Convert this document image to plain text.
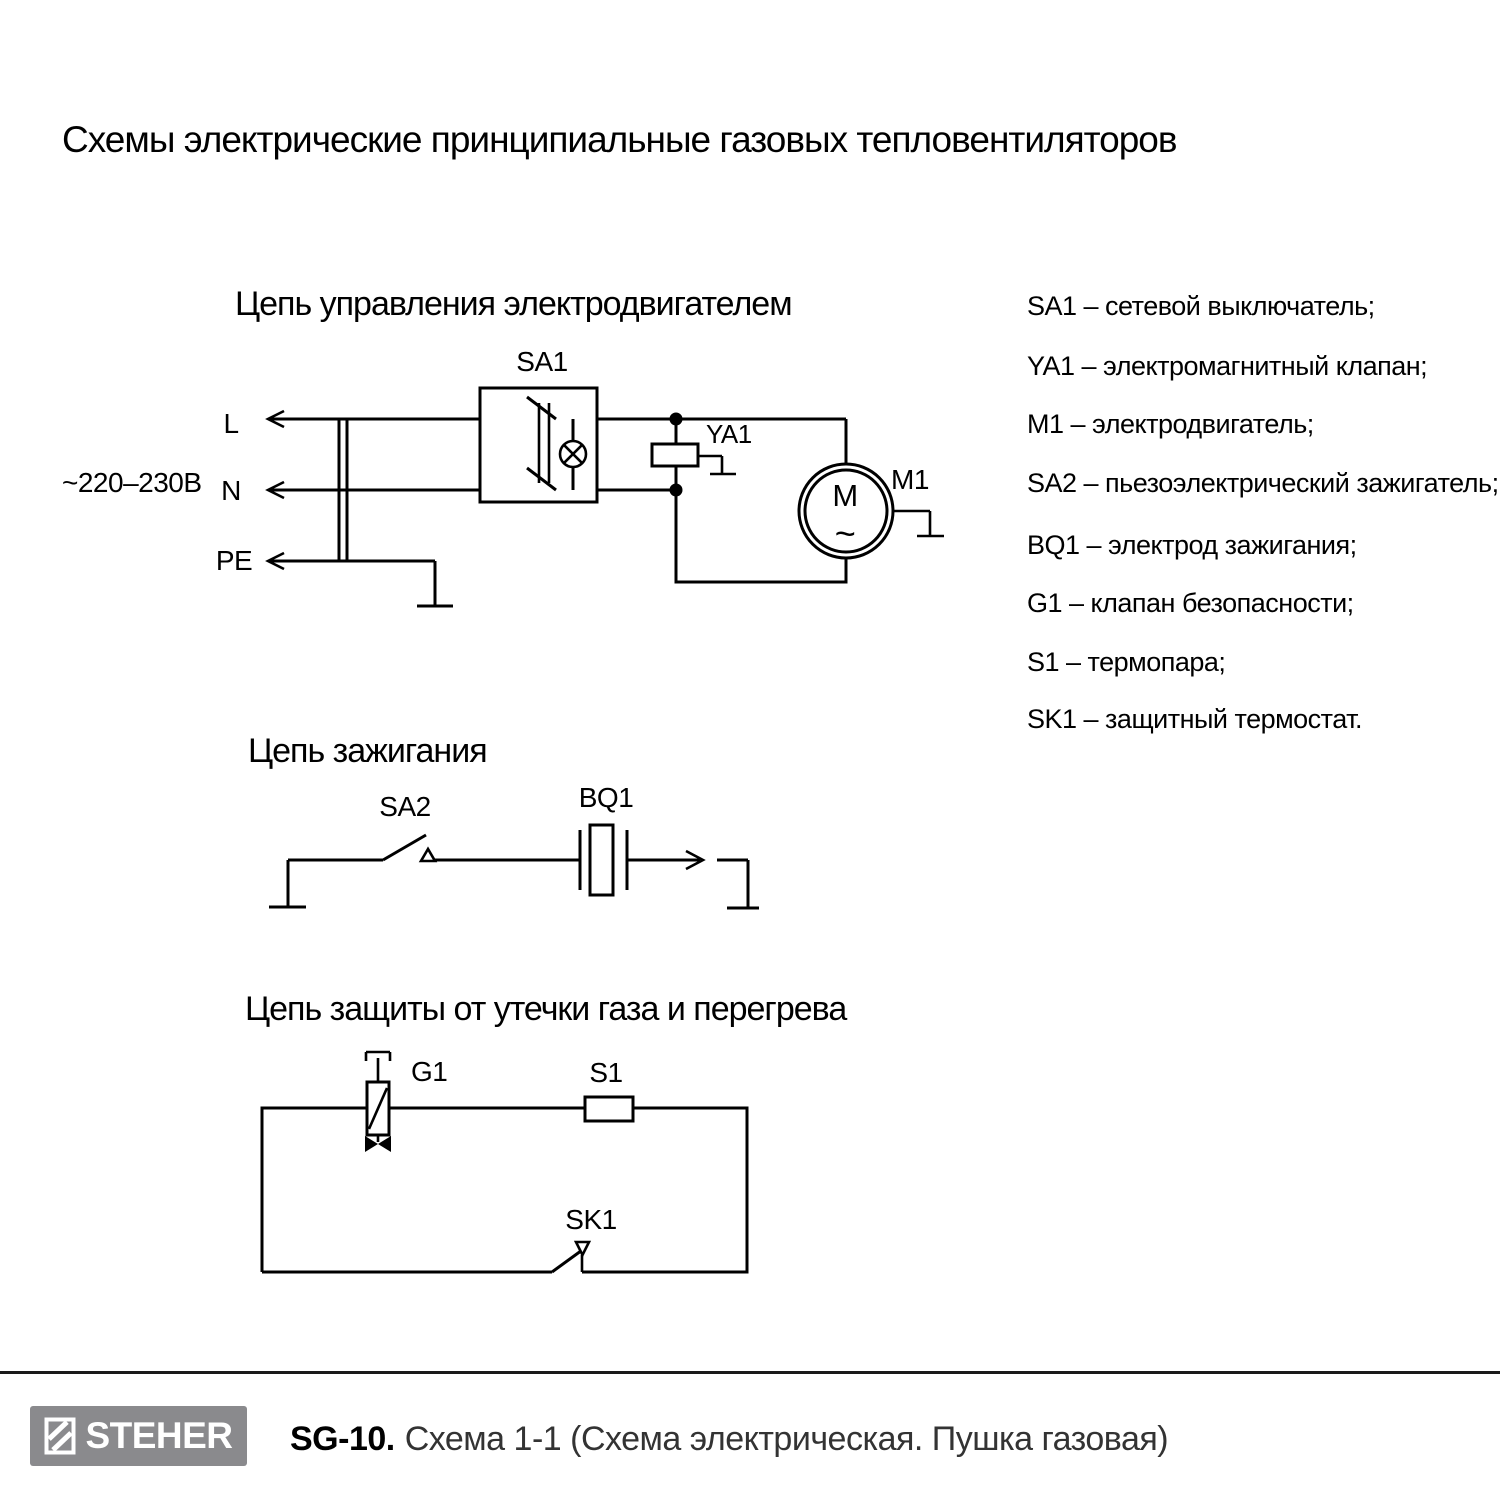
Схемы электрические принципиальные газовых тепловентиляторов
Цепь управления электродвигателем
~220–230В
L
N
PE
SA1
YA1
M
~
M1
SA1 – сетевой выключатель;
YA1 – электромагнитный клапан;
M1 – электродвигатель;
SA2 – пьезоэлектрический зажигатель;
BQ1 – электрод зажигания;
G1 – клапан безопасности;
S1 – термопара;
SK1 – защитный термостат.
Цепь зажигания
SA2	BQ1
Цепь защиты от утечки газа и перегрева
G1	S1
SK1
STEHER SG-10. Схема 1-1 (Схема электрическая. Пушка газовая)
